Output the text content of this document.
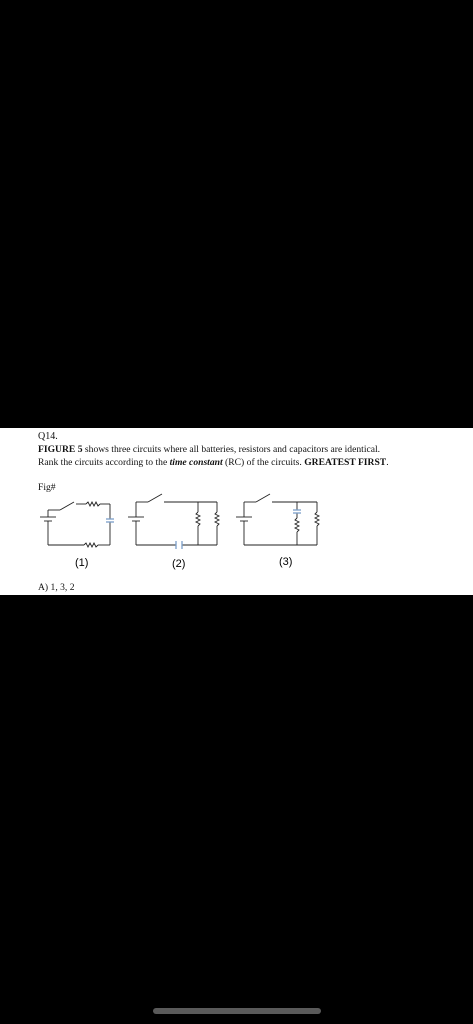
Q14.
FIGURE 5 shows three circuits where all batteries, resistors and capacitors are identical.
Rank the circuits according to the time constant (RC) of the circuits. GREATEST FIRST.
Fig#
(1)	(2)	(3)
A) 1, 3, 2
